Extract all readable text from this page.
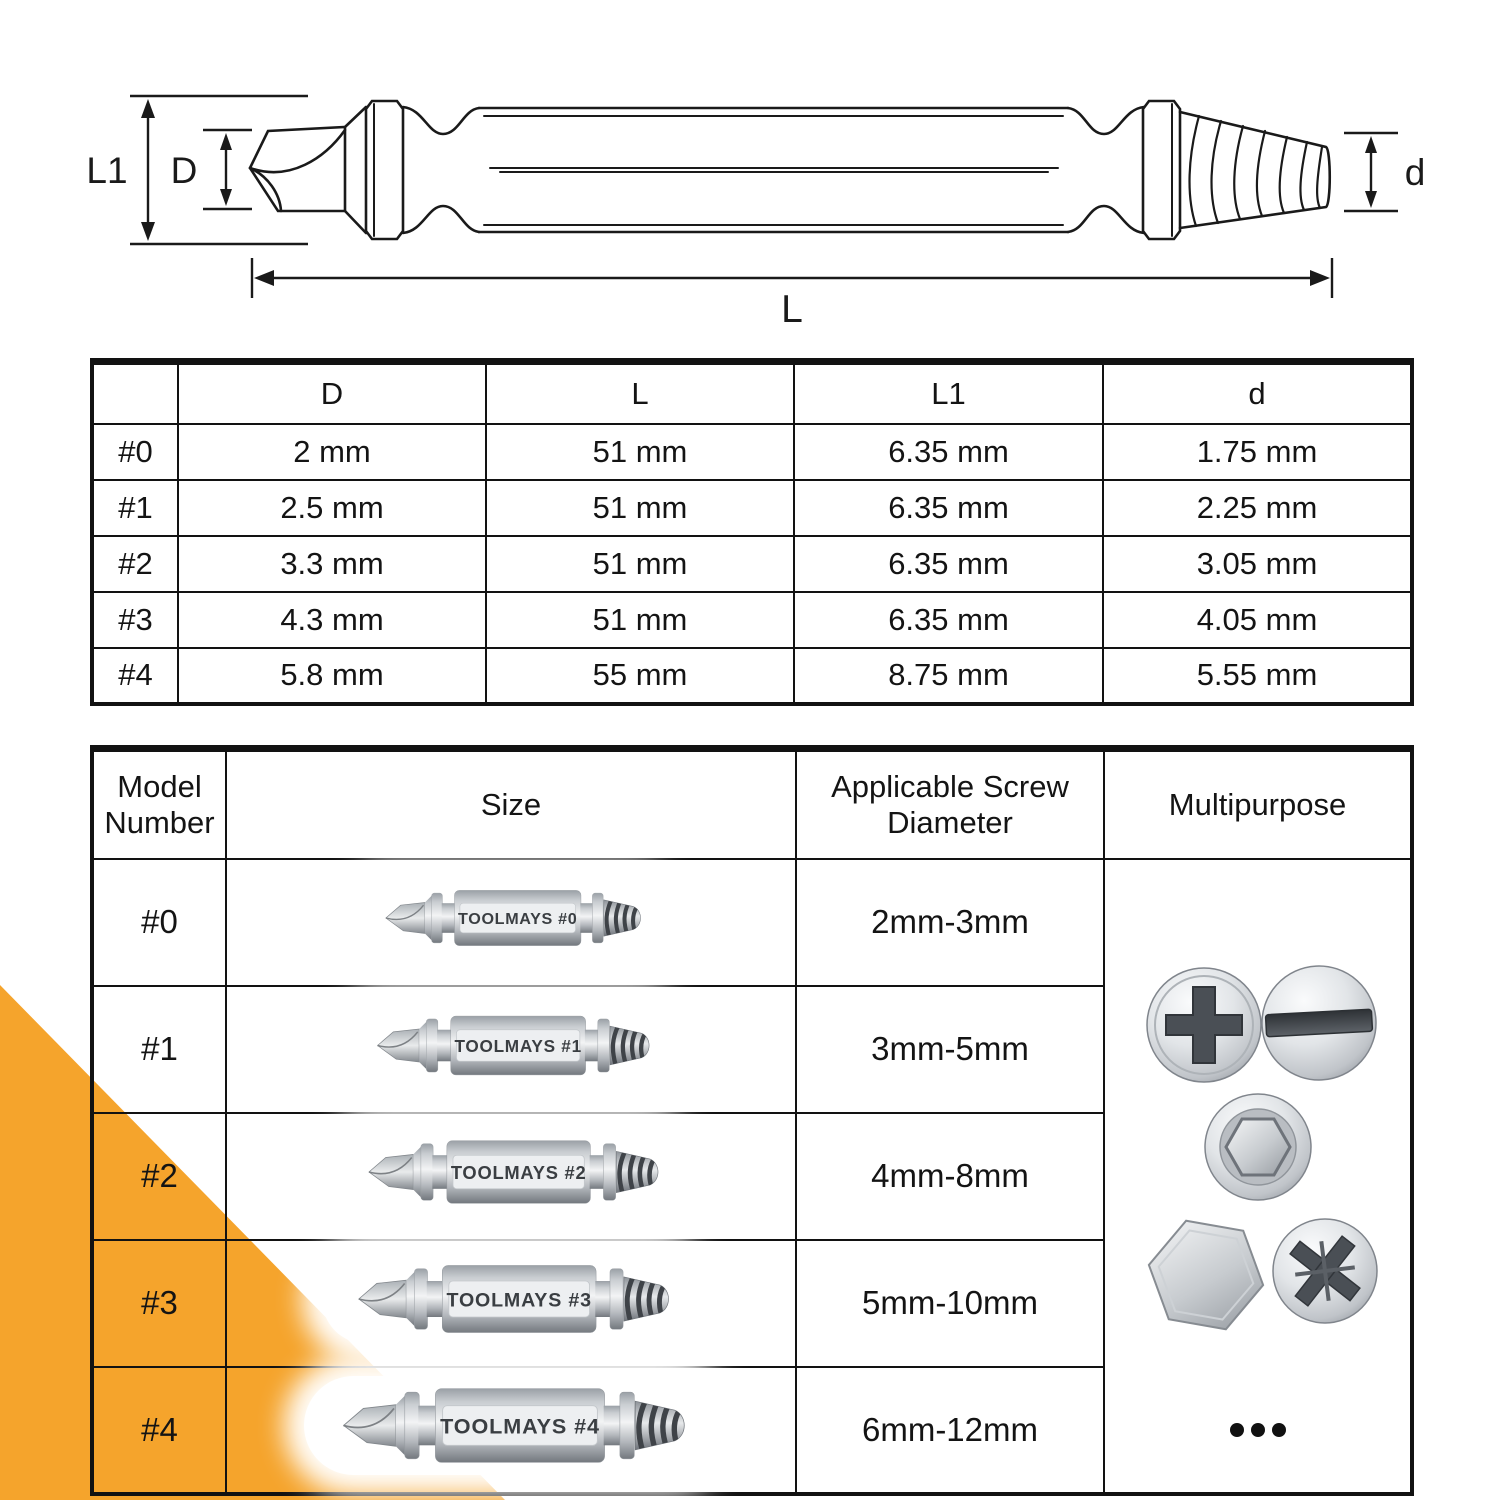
L1 D	d
L
	D	L	L1	d
#0	2 mm	51 mm	6.35 mm	1.75 mm
#1	2.5 mm	51 mm	6.35 mm	2.25 mm
#2	3.3 mm	51 mm	6.35 mm	3.05 mm
#3	4.3 mm	51 mm	6.35 mm	4.05 mm
#4	5.8 mm	55 mm	8.75 mm	5.55 mm
Model Number	Size	Applicable Screw Diameter	Multipurpose
#0	TOOLMAYS #0	2mm-3mm	

#1	TOOLMAYS #1	3mm-5mm	
#2	TOOLMAYS #2	4mm-8mm	
#3	TOOLMAYS #3	5mm-10mm	
#4	TOOLMAYS #4	6mm-12mm	
